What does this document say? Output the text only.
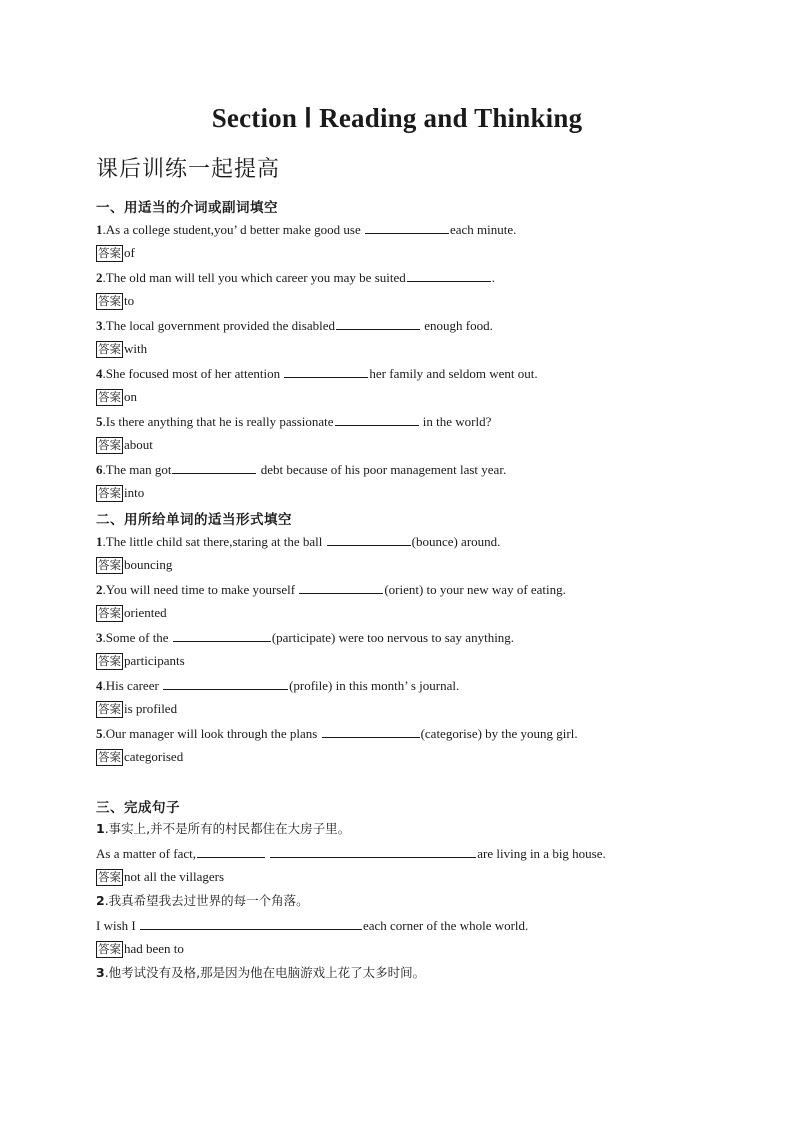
Section Ⅰ Reading and Thinking
课后训练一起提高
一、用适当的介词或副词填空
1.As a college student,you’ d better make good use	each minute.
答案 of
2.The old man will tell you which career you may be suited	.
答案 to
3.The local government provided the disabled	enough food.
答案 with
4.She focused most of her attention	her family and seldom went out.
答案 on
5.Is there anything that he is really passionate	in the world?
答案 about
6.The man got	debt because of his poor management last year.
答案 into
二、用所给单词的适当形式填空
1.The little child sat there,staring at the ball	(bounce) around.
答案 bouncing
2.You will need time to make yourself	(orient) to your new way of eating.
答案 oriented
3.Some of the	(participate) were too nervous to say anything.
答案 participants
4.His career	(profile) in this month’ s journal.
答案 is profiled
5.Our manager will look through the plans	(categorise) by the young girl.
答案 categorised
三、完成句子
1.事实上,并不是所有的村民都住在大房子里。
As a matter of fact,	are living in a big house.
答案 not all the villagers
2.我真希望我去过世界的每一个角落。
I wish I	each corner of the whole world.
答案 had been to
3.他考试没有及格,那是因为他在电脑游戏上花了太多时间。
